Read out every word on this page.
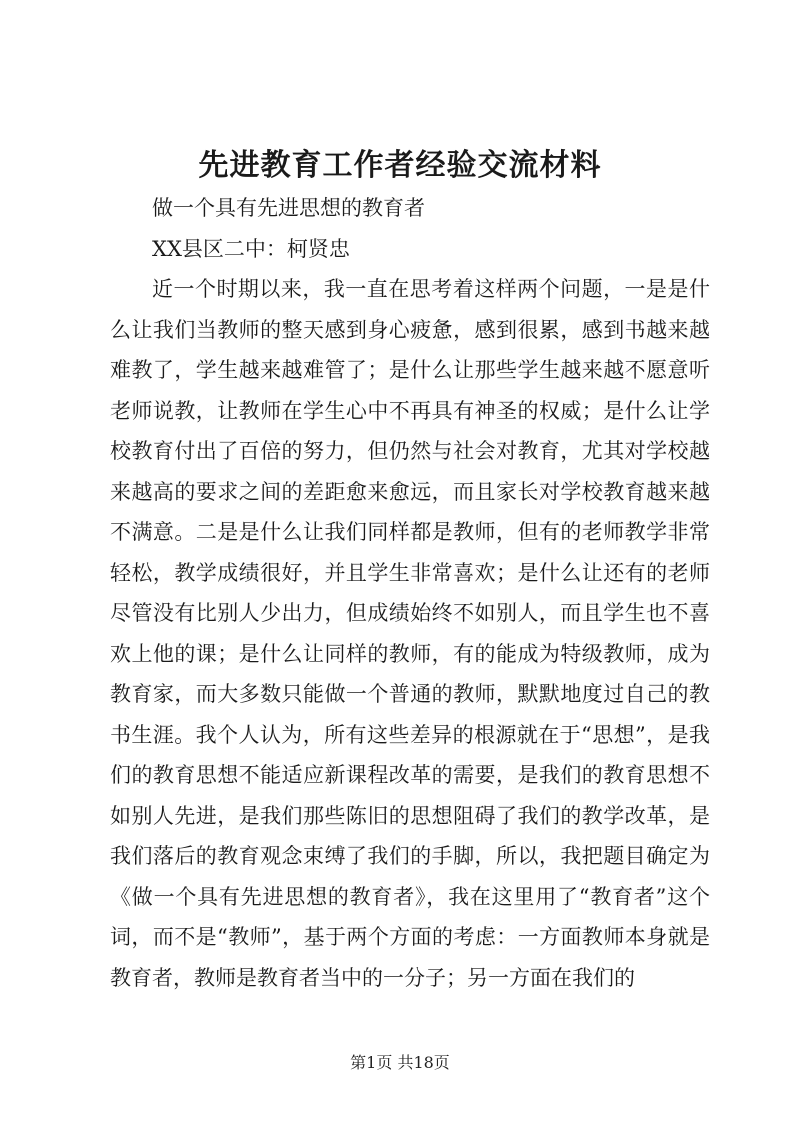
先进教育工作者经验交流材料

做一个具有先进思想的教育者

XX县区二中：柯贤忠

近一个时期以来，我一直在思考着这样两个问题，一是是什么让我们当教师的整天感到身心疲惫，感到很累，感到书越来越难教了，学生越来越难管了；是什么让那些学生越来越不愿意听老师说教，让教师在学生心中不再具有神圣的权威；是什么让学校教育付出了百倍的努力，但仍然与社会对教育，尤其对学校越来越高的要求之间的差距愈来愈远，而且家长对学校教育越来越不满意。二是是什么让我们同样都是教师，但有的老师教学非常轻松，教学成绩很好，并且学生非常喜欢；是什么让还有的老师尽管没有比别人少出力，但成绩始终不如别人，而且学生也不喜欢上他的课；是什么让同样的教师，有的能成为特级教师，成为教育家，而大多数只能做一个普通的教师，默默地度过自己的教书生涯。我个人认为，所有这些差异的根源就在于“思想”，是我们的教育思想不能适应新课程改革的需要，是我们的教育思想不如别人先进，是我们那些陈旧的思想阻碍了我们的教学改革，是我们落后的教育观念束缚了我们的手脚，所以，我把题目确定为《做一个具有先进思想的教育者》，我在这里用了“教育者”这个词，而不是“教师”，基于两个方面的考虑：一方面教师本身就是教育者，教师是教育者当中的一分子；另一方面在我们的

第1页 共18页
